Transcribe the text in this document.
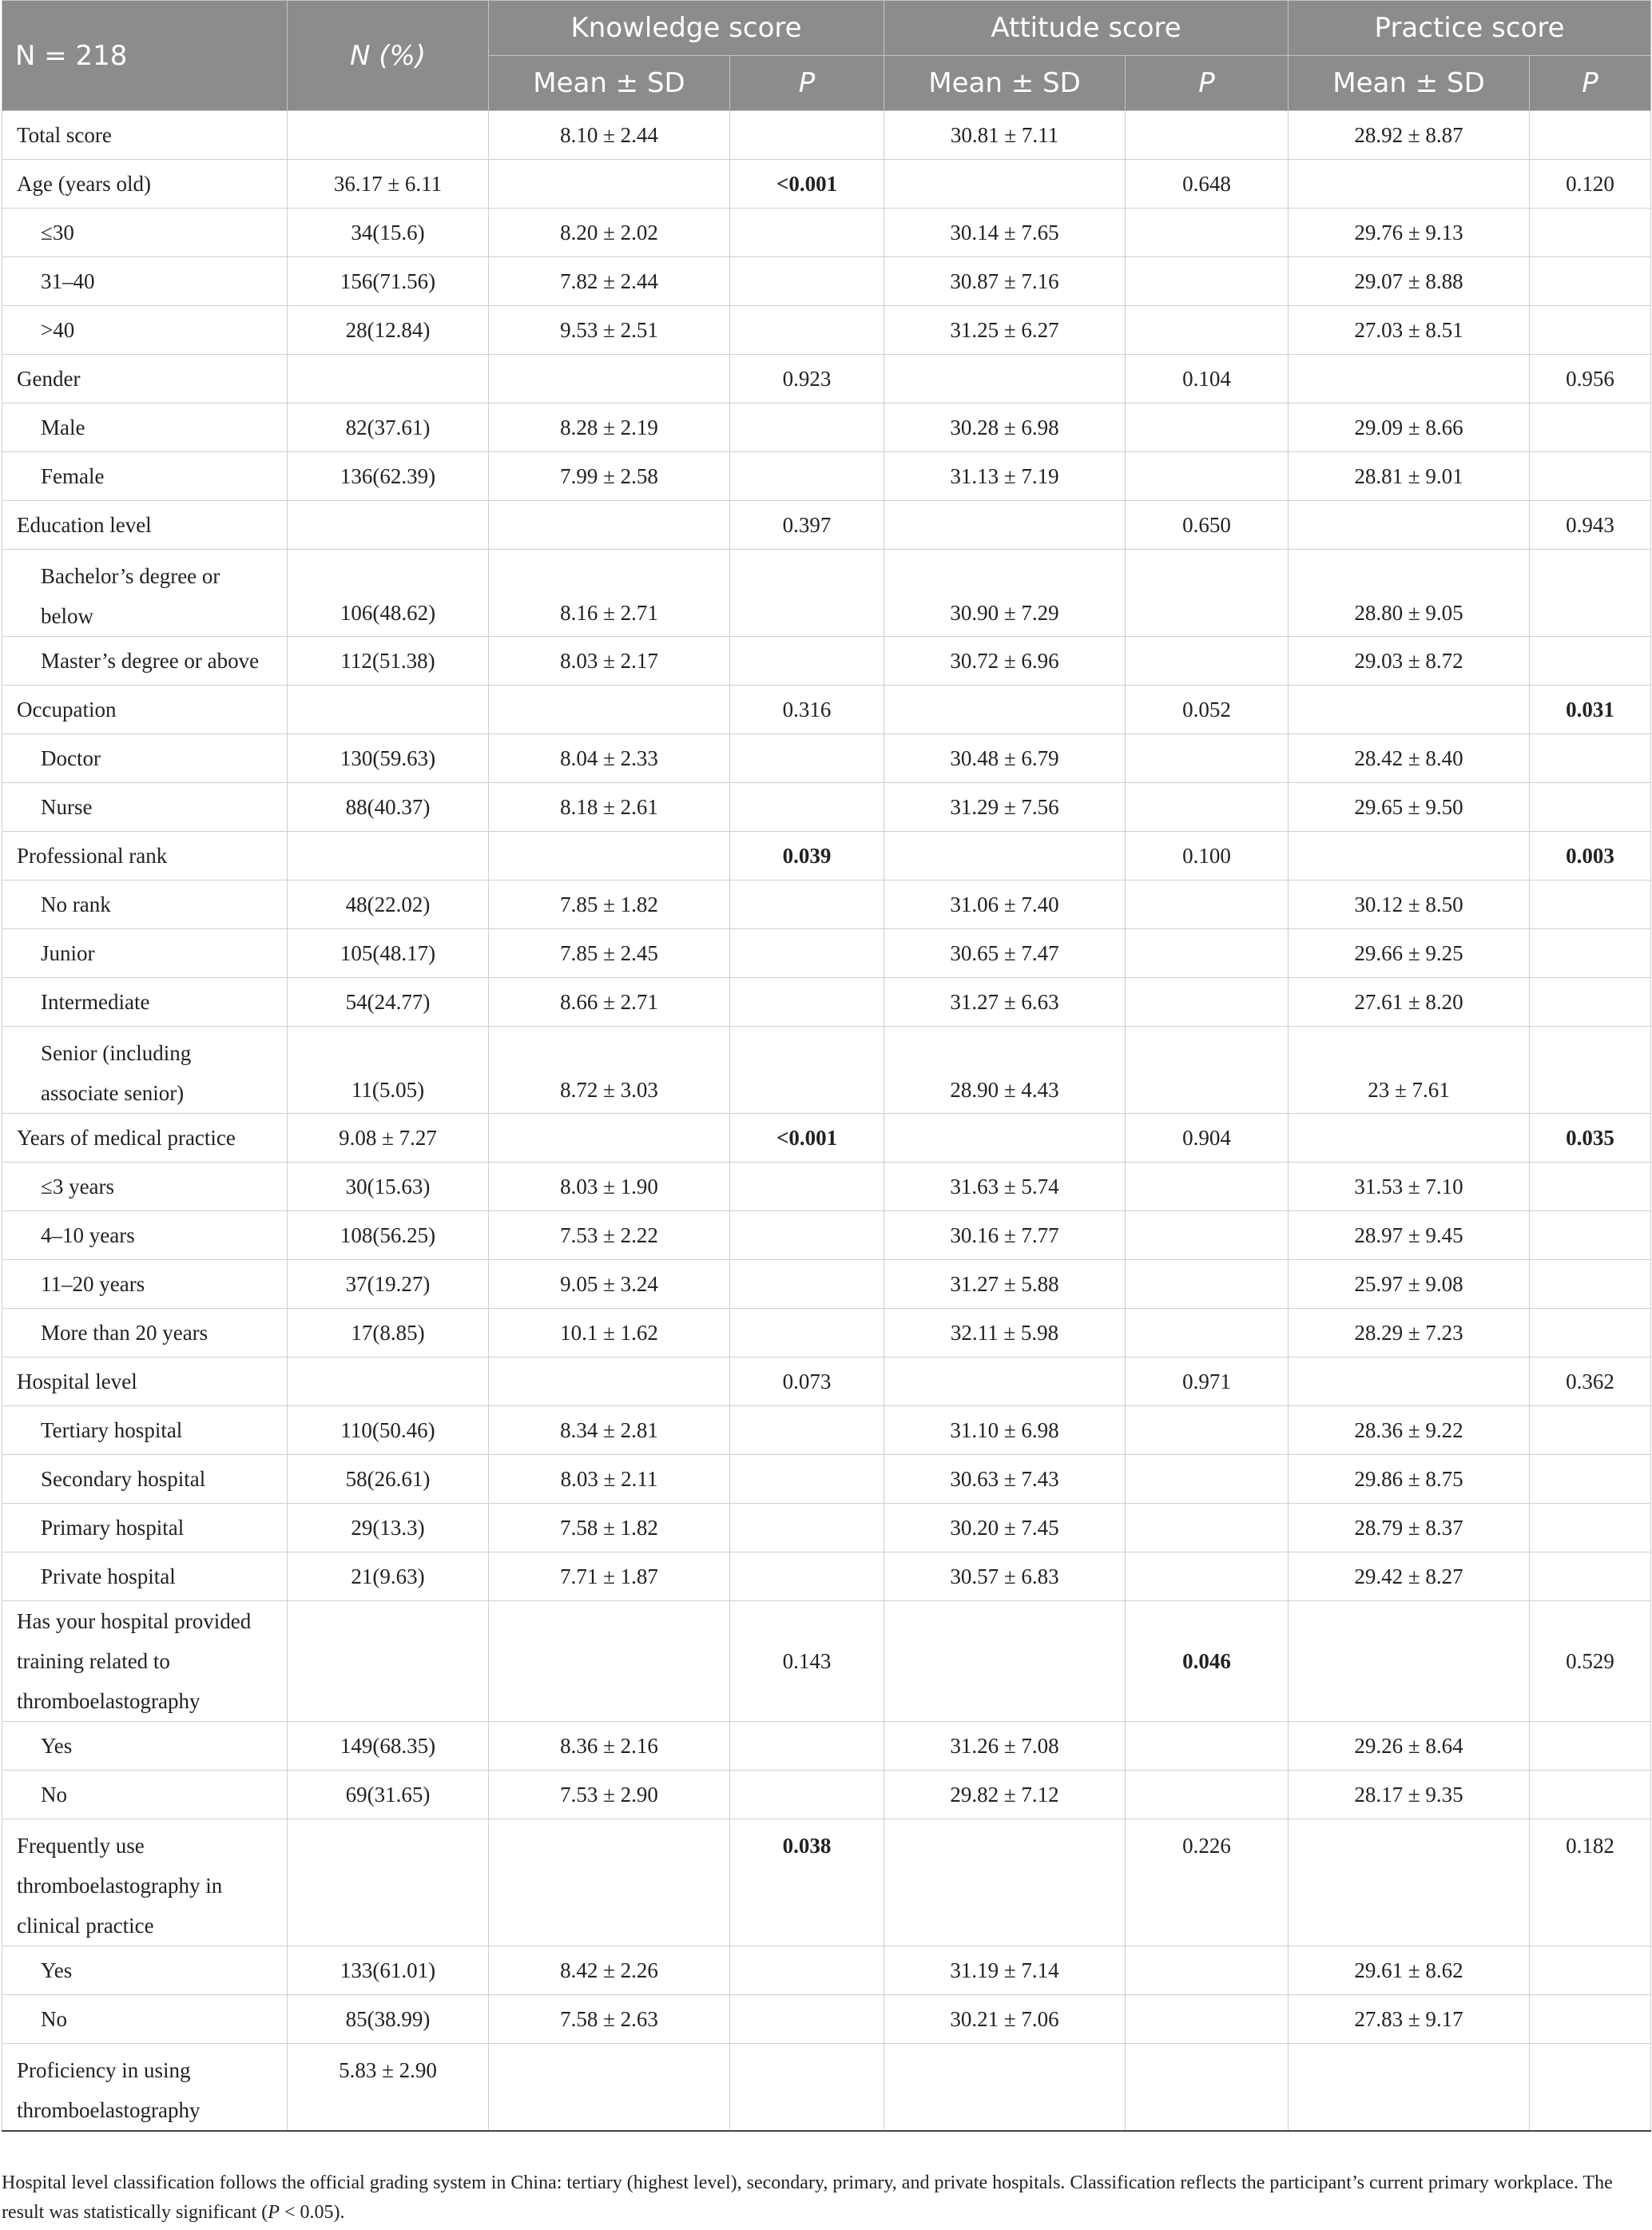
N = 218	N (%)	Knowledge score		Attitude score		Practice score	
		Mean ± SD	P	Mean ± SD	P	Mean ± SD	P
Total score		8.10 ± 2.44		30.81 ± 7.11		28.92 ± 8.87	
Age (years old)	36.17 ± 6.11		<0.001		0.648		0.120
≤30	34(15.6)	8.20 ± 2.02		30.14 ± 7.65		29.76 ± 9.13	
31–40	156(71.56)	7.82 ± 2.44		30.87 ± 7.16		29.07 ± 8.88	
>40	28(12.84)	9.53 ± 2.51		31.25 ± 6.27		27.03 ± 8.51	
Gender			0.923		0.104		0.956
Male	82(37.61)	8.28 ± 2.19		30.28 ± 6.98		29.09 ± 8.66	
Female	136(62.39)	7.99 ± 2.58		31.13 ± 7.19		28.81 ± 9.01	
Education level			0.397		0.650		0.943
Bachelor’s degree or below	106(48.62)	8.16 ± 2.71		30.90 ± 7.29		28.80 ± 9.05	
Master’s degree or above	112(51.38)	8.03 ± 2.17		30.72 ± 6.96		29.03 ± 8.72	
Occupation			0.316		0.052		0.031
Doctor	130(59.63)	8.04 ± 2.33		30.48 ± 6.79		28.42 ± 8.40	
Nurse	88(40.37)	8.18 ± 2.61		31.29 ± 7.56		29.65 ± 9.50	
Professional rank			0.039		0.100		0.003
No rank	48(22.02)	7.85 ± 1.82		31.06 ± 7.40		30.12 ± 8.50	
Junior	105(48.17)	7.85 ± 2.45		30.65 ± 7.47		29.66 ± 9.25	
Intermediate	54(24.77)	8.66 ± 2.71		31.27 ± 6.63		27.61 ± 8.20	
Senior (including associate senior)	11(5.05)	8.72 ± 3.03		28.90 ± 4.43		23 ± 7.61	
Years of medical practice	9.08 ± 7.27		<0.001		0.904		0.035
≤3 years	30(15.63)	8.03 ± 1.90		31.63 ± 5.74		31.53 ± 7.10	
4–10 years	108(56.25)	7.53 ± 2.22		30.16 ± 7.77		28.97 ± 9.45	
11–20 years	37(19.27)	9.05 ± 3.24		31.27 ± 5.88		25.97 ± 9.08	
More than 20 years	17(8.85)	10.1 ± 1.62		32.11 ± 5.98		28.29 ± 7.23	
Hospital level			0.073		0.971		0.362
Tertiary hospital	110(50.46)	8.34 ± 2.81		31.10 ± 6.98		28.36 ± 9.22	
Secondary hospital	58(26.61)	8.03 ± 2.11		30.63 ± 7.43		29.86 ± 8.75	
Primary hospital	29(13.3)	7.58 ± 1.82		30.20 ± 7.45		28.79 ± 8.37	
Private hospital	21(9.63)	7.71 ± 1.87		30.57 ± 6.83		29.42 ± 8.27	
Has your hospital provided training related to thromboelastography			0.143		0.046		0.529
Yes	149(68.35)	8.36 ± 2.16		31.26 ± 7.08		29.26 ± 8.64	
No	69(31.65)	7.53 ± 2.90		29.82 ± 7.12		28.17 ± 9.35	
Frequently use thromboelastography in clinical practice			0.038		0.226		0.182
Yes	133(61.01)	8.42 ± 2.26		31.19 ± 7.14		29.61 ± 8.62	
No	85(38.99)	7.58 ± 2.63		30.21 ± 7.06		27.83 ± 9.17	
Proficiency in using thromboelastography	5.83 ± 2.90						
Hospital level classification follows the official grading system in China: tertiary (highest level), secondary, primary, and private hospitals. Classification reflects the participant’s current primary workplace. The result was statistically significant (P < 0.05).
